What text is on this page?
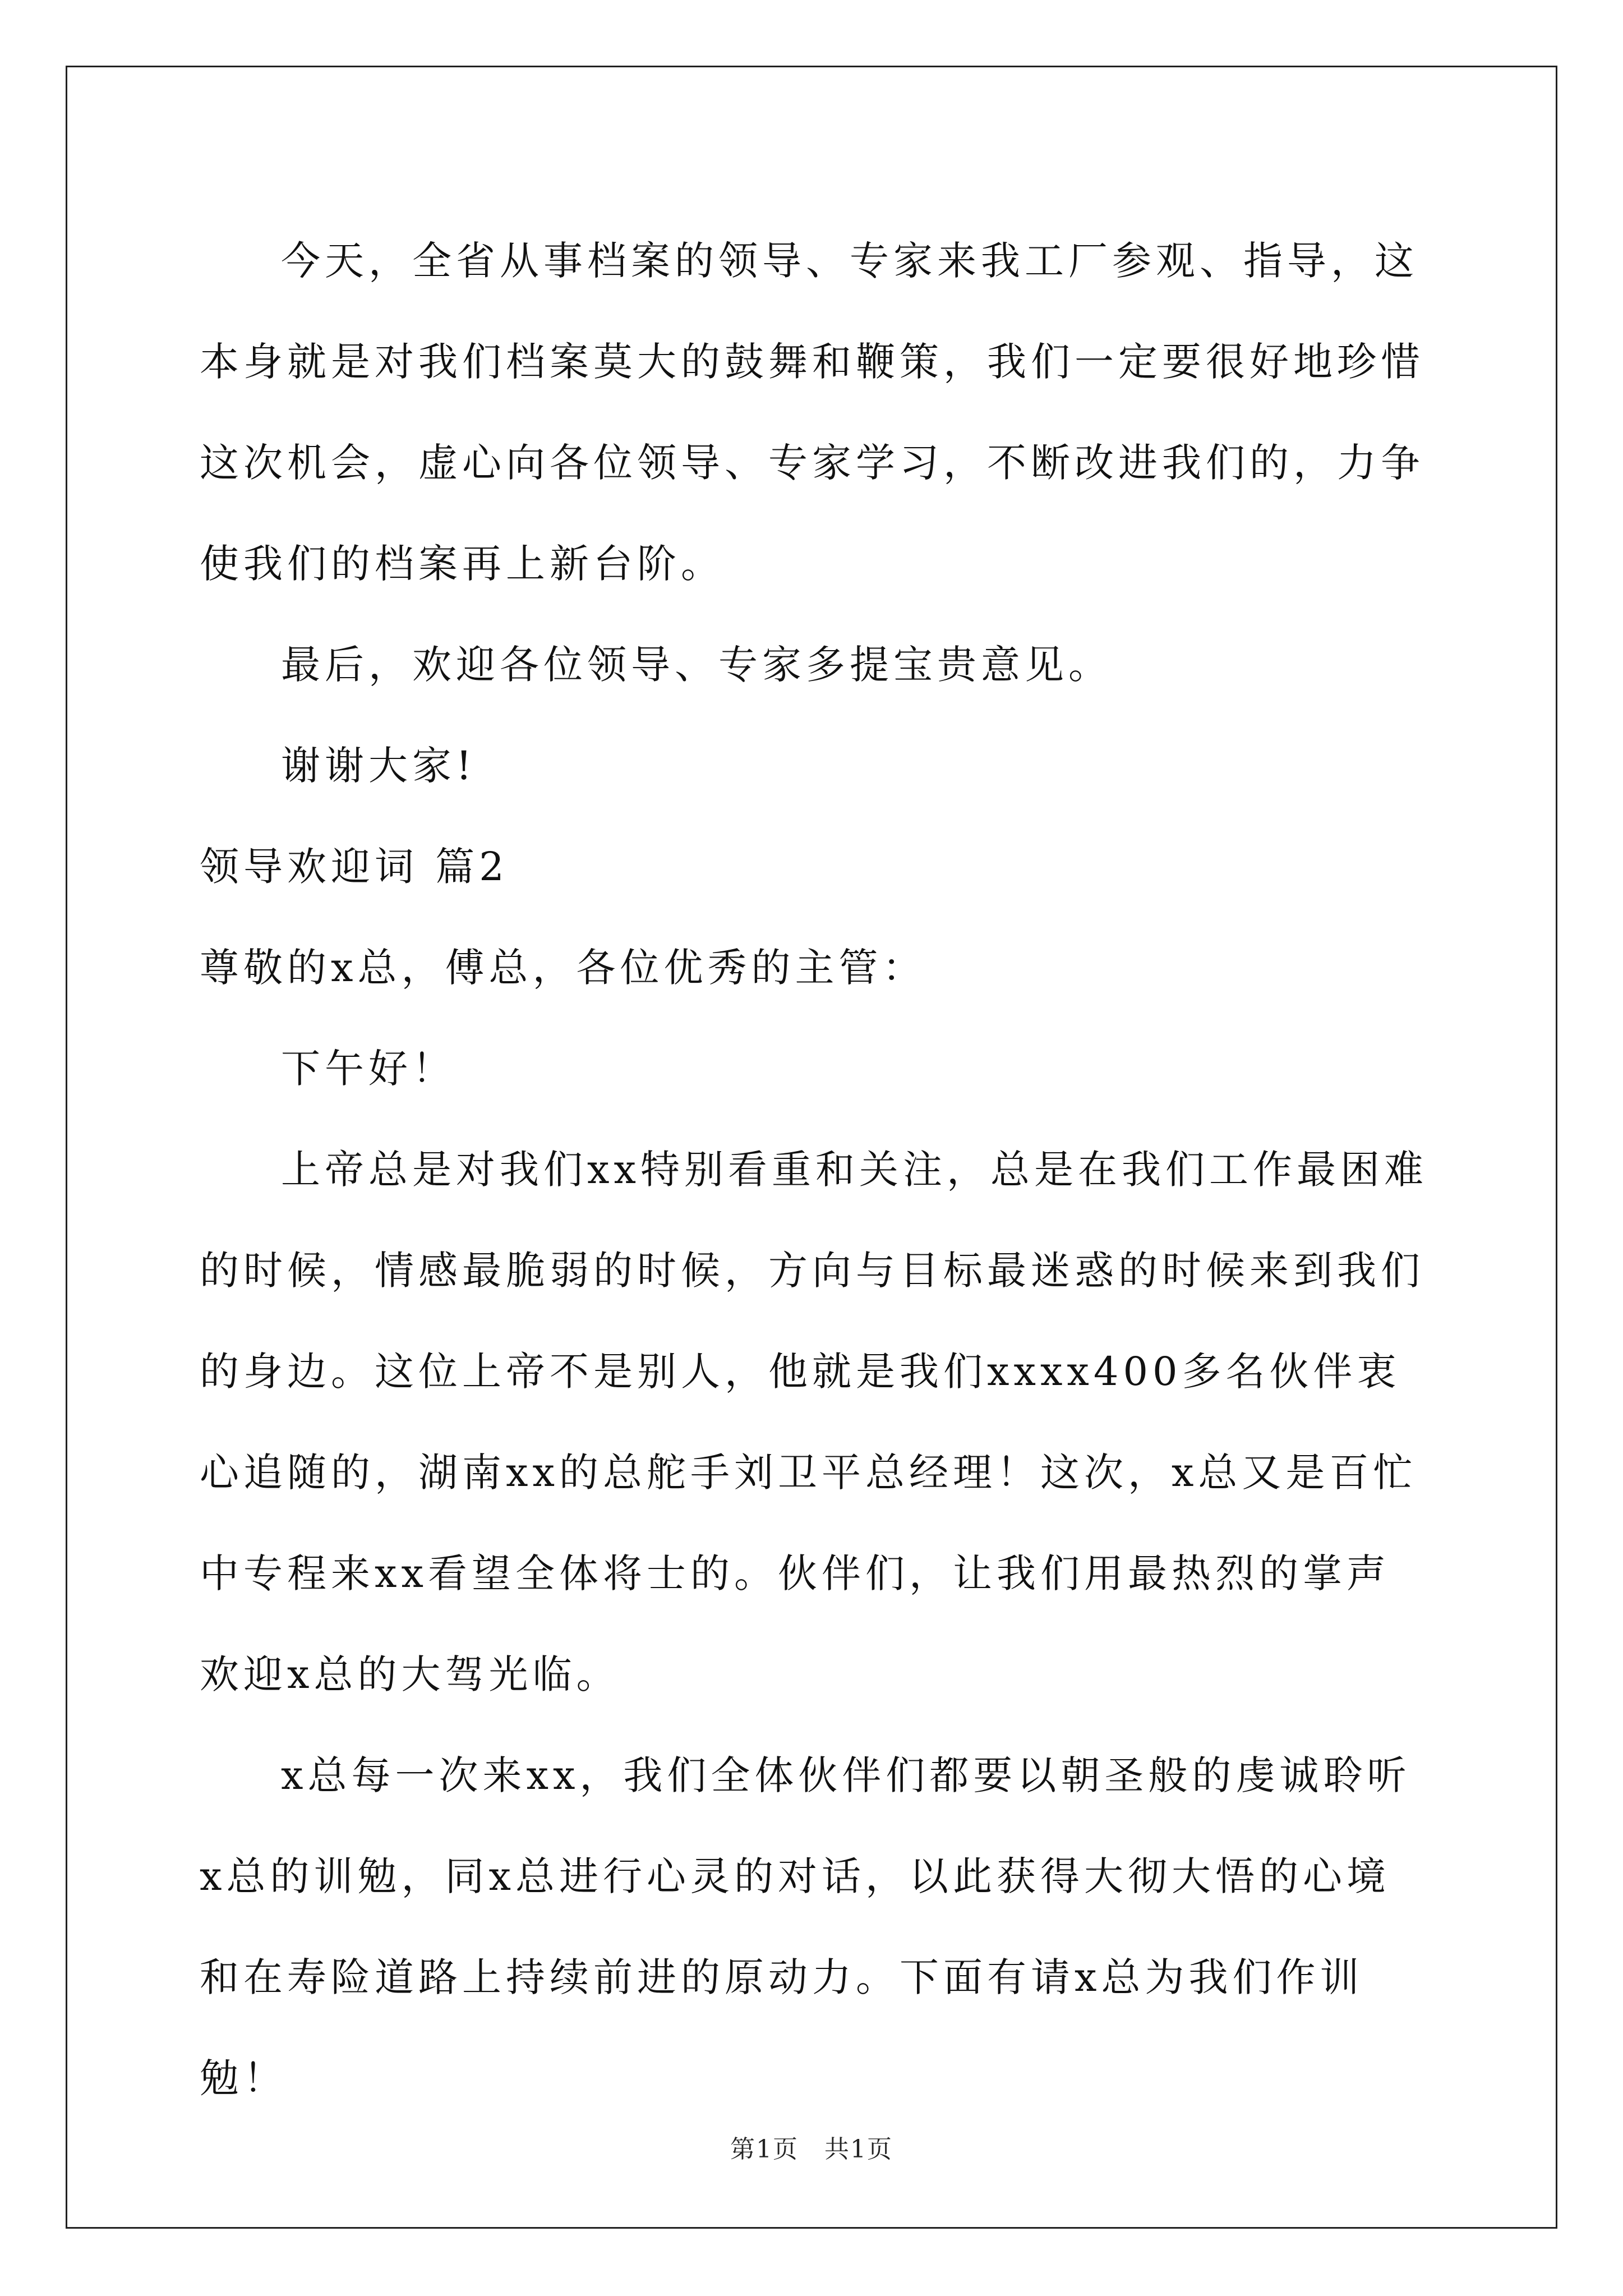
今天，全省从事档案的领导、专家来我工厂参观、指导，这本身就是对我们档案莫大的鼓舞和鞭策，我们一定要很好地珍惜这次机会，虚心向各位领导、专家学习，不断改进我们的，力争使我们的档案再上新台阶。

最后，欢迎各位领导、专家多提宝贵意见。

谢谢大家!

领导欢迎词 篇2

尊敬的x总，傅总，各位优秀的主管：

下午好！

上帝总是对我们xx特别看重和关注，总是在我们工作最困难的时候，情感最脆弱的时候，方向与目标最迷惑的时候来到我们的身边。这位上帝不是别人，他就是我们xxxx400多名伙伴衷心追随的，湖南xx的总舵手刘卫平总经理！这次，x总又是百忙中专程来xx看望全体将士的。伙伴们，让我们用最热烈的掌声欢迎x总的大驾光临。

x总每一次来xx，我们全体伙伴们都要以朝圣般的虔诚聆听x总的训勉，同x总进行心灵的对话，以此获得大彻大悟的心境和在寿险道路上持续前进的原动力。下面有请x总为我们作训勉！

第1页　共1页
